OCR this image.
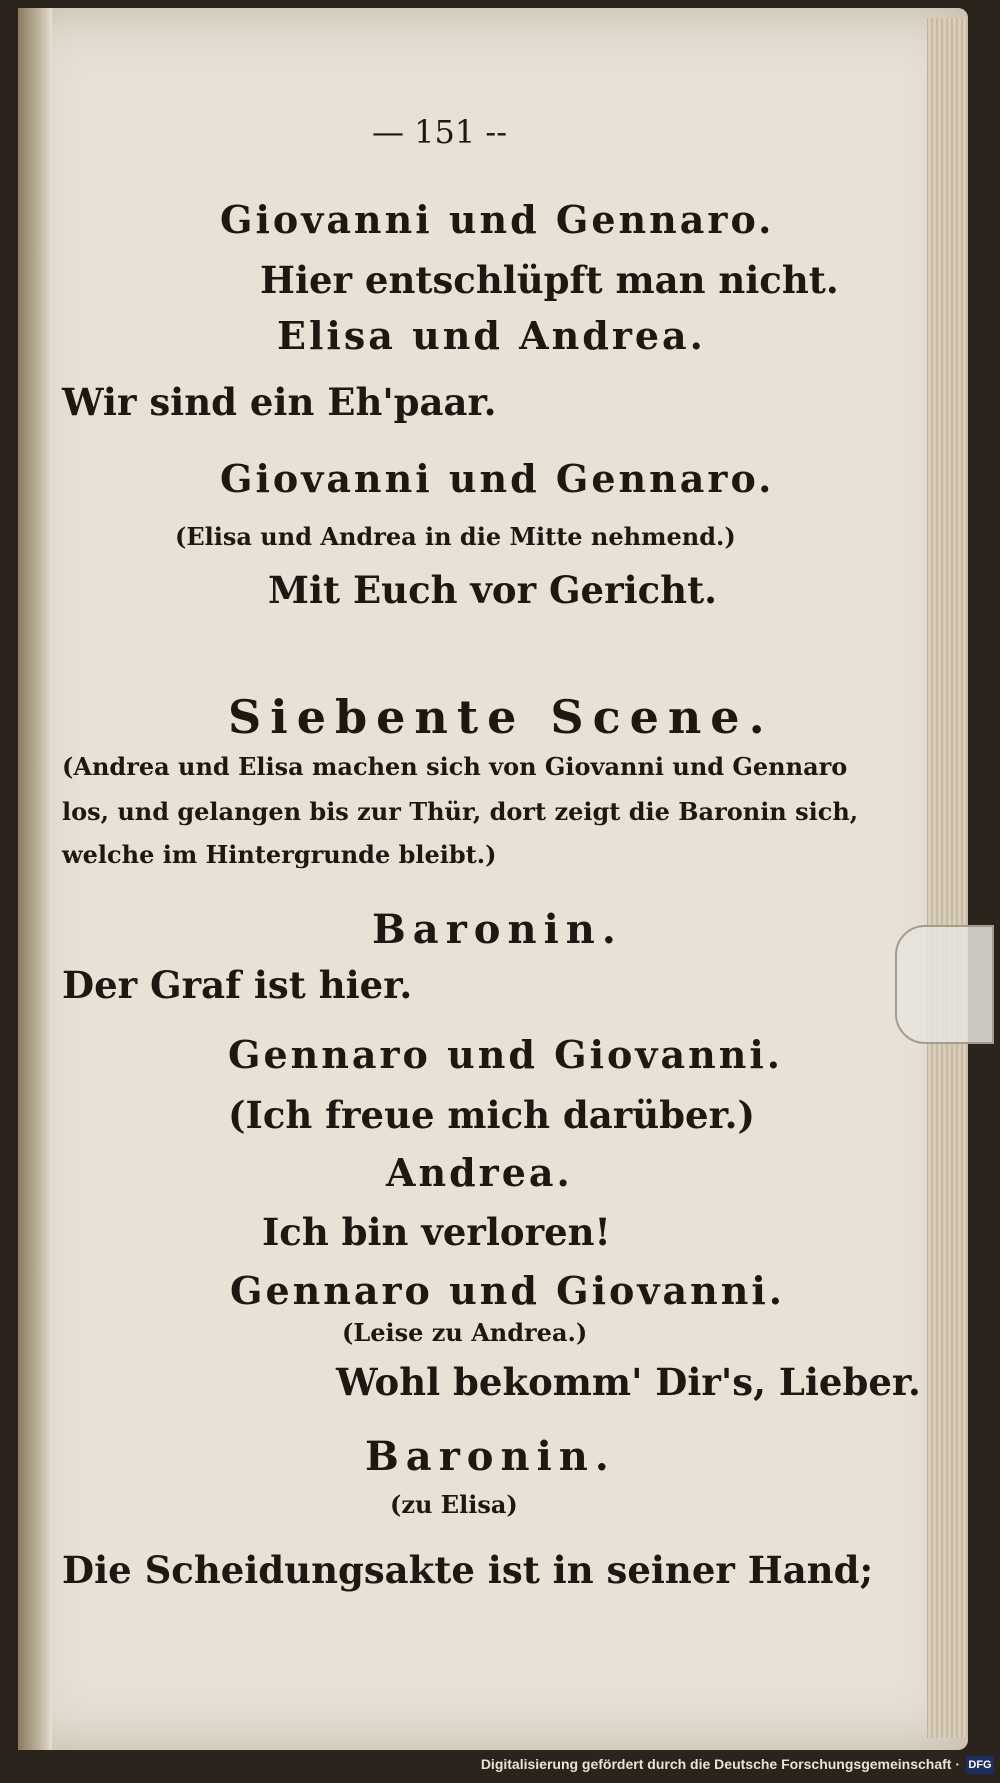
— 151 --
Giovanni und Gennaro.
Hier entschlüpft man nicht.
Elisa und Andrea.
Wir sind ein Eh'paar.
Giovanni und Gennaro.
(Elisa und Andrea in die Mitte nehmend.)
Mit Euch vor Gericht.
Siebente Scene.
(Andrea und Elisa machen sich von Giovanni und Gennaro
los, und gelangen bis zur Thür, dort zeigt die Baronin sich,
welche im Hintergrunde bleibt.)
Baronin.
Der Graf ist hier.
Gennaro und Giovanni.
(Ich freue mich darüber.)
Andrea.
Ich bin verloren!
Gennaro und Giovanni.
(Leise zu Andrea.)
Wohl bekomm' Dir's, Lieber.
Baronin.
(zu Elisa)
Die Scheidungsakte ist in seiner Hand;
Digitalisierung gefördert durch die Deutsche Forschungsgemeinschaft · DFG
